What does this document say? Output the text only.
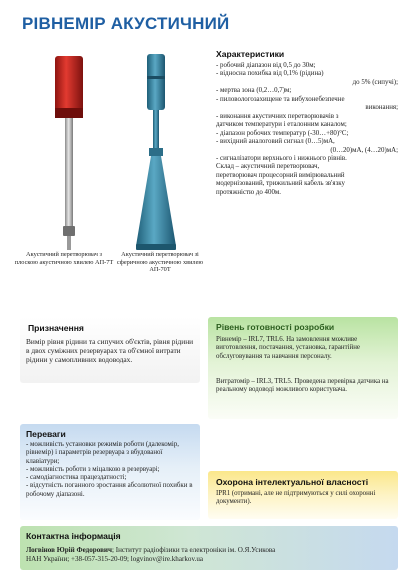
РІВНЕМІР АКУСТИЧНИЙ
Акустичний перетворювач з плоскою акустичною хвилею АП-7Т
Акустичний перетворювач зі сферичною акустичною хвилею АП-70Т
Характеристики
- робочий діапазон від 0,5 до 30м;
- відносна похибка від 0,1% (рідина)
до 5% (сипучі);
- мертва зона (0,2…0,7)м;
- пиловологозахищене та вибухонебезпечне
виконання;
- виконання акустичних перетворювачів з
датчиком температури і еталонним каналом;
- діапазон робочих температур (-30…+80)°С;
- вихідний аналоговий сигнал (0…5)мА,
(0…20)мА, (4…20)мА;
- сигналізатори верхнього і нижнього рівнів.
Склад – акустичний перетворювач,
перетворювач процесорний вимірювальний
модернізований, трижильний кабель зв'язку
протяжністю до 400м.
Призначення
Вимір рівня рідини та сипучих об'єктів, рівня рідини в двох суміжних резервуарах та об'ємної витрати рідини у самопливних водоводах.
Рівень готовності розробки
Рівнемір – IRL7, TRL6. На замовлення можливе виготовлення, постачання, установка, гарантійне обслуговування та навчання персоналу.
Витратомір – IRL3, TRL5. Проведена перевірка датчика на реальному водоводі можливого користувача.
Переваги
- можливість установки режимів роботи (далекомір, рівнемір) і параметрів резервуара з вбудованої клавіатури;
- можливість роботи з міцалкою в резервуарі;
- самодіагностика працездатності;
- відсутність поганного зростання абсолютної похибки в робочому діапазоні.
Охорона інтелектуальної власності
IPR1 (отримані, але не підтримуються у силі охоронні документи).
Контактна інформація
Логвінов Юрій Федорович; Інститут радіофізики та електроніки ім. О.Я.Усикова
НАН України; +38-057-315-20-09; logvinov@ire.kharkov.ua
